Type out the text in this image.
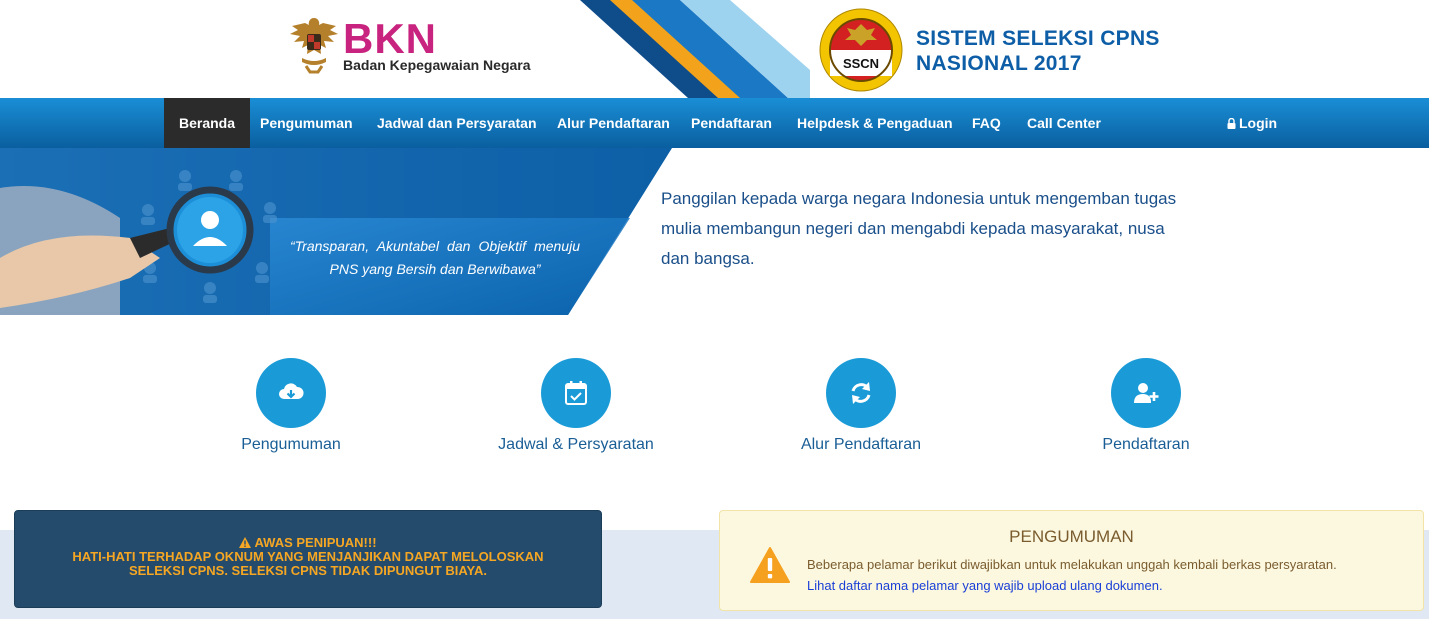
BKN
Badan Kepegawaian Negara	SSCN
SISTEM SELEKSI CPNS
NASIONAL 2017
Beranda	Pengumuman	Jadwal dan Persyaratan	Alur Pendaftaran	Pendaftaran	Helpdesk & Pengaduan	FAQ	Call Center	Login
“Transparan, Akuntabel dan Objektif menuju PNS yang Bersih dan Berwibawa”
Panggilan kepada warga negara Indonesia untuk mengemban tugas mulia membangun negeri dan mengabdi kepada masyarakat, nusa dan bangsa.
Pengumuman	Jadwal & Persyaratan	Alur Pendaftaran	Pendaftaran
AWAS PENIPUAN!!!
HATI-HATI TERHADAP OKNUM YANG MENJANJIKAN DAPAT MELOLOSKAN SELEKSI CPNS. SELEKSI CPNS TIDAK DIPUNGUT BIAYA.
PENGUMUMAN
Beberapa pelamar berikut diwajibkan untuk melakukan unggah kembali berkas persyaratan.
Lihat daftar nama pelamar yang wajib upload ulang dokumen.
